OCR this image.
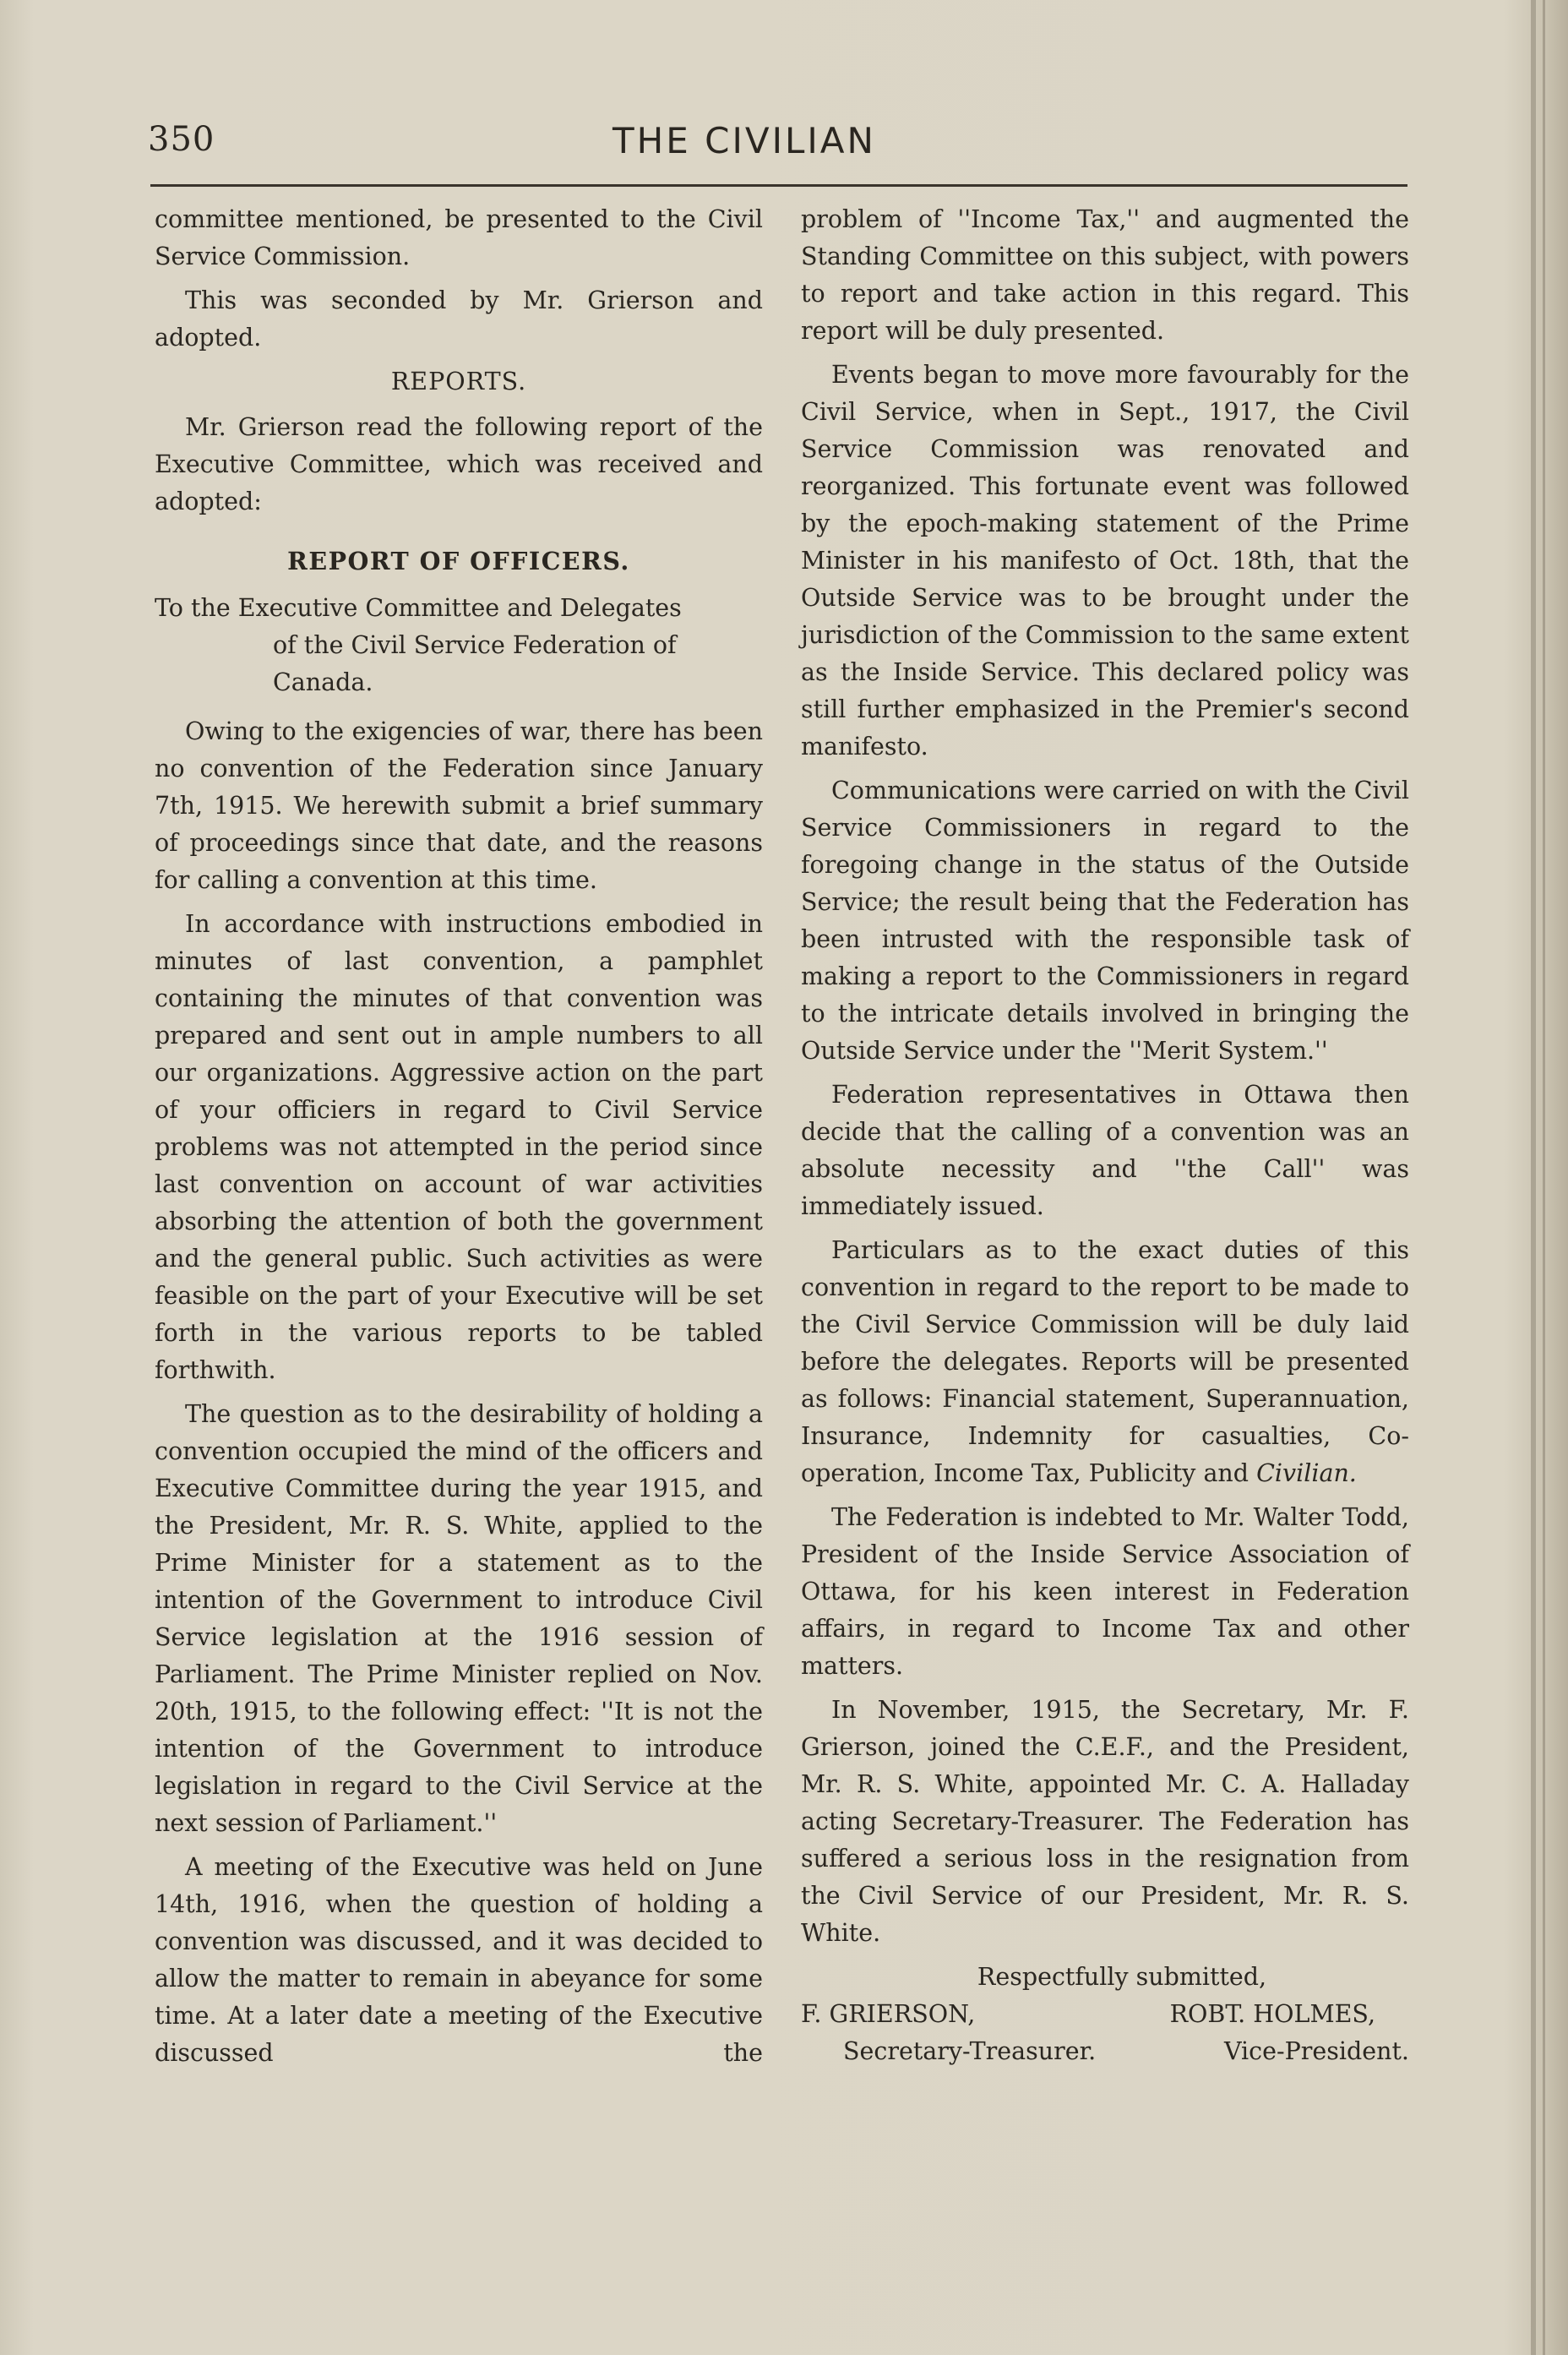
350	THE CIVILIAN

committee mentioned, be presented to the Civil Service Commission.

This was seconded by Mr. Grierson and adopted.

REPORTS.

Mr. Grierson read the following report of the Executive Committee, which was received and adopted:

REPORT OF OFFICERS.
To the Executive Committee and Delegates
of the Civil Service Federation of Canada.

Owing to the exigencies of war, there has been no convention of the Federation since January 7th, 1915. We herewith submit a brief summary of proceedings since that date, and the reasons for calling a convention at this time.

In accordance with instructions embodied in minutes of last convention, a pamphlet containing the minutes of that convention was prepared and sent out in ample numbers to all our organizations. Aggressive action on the part of your officiers in regard to Civil Service problems was not attempted in the period since last convention on account of war activities absorbing the attention of both the government and the general public. Such activities as were feasible on the part of your Executive will be set forth in the various reports to be tabled forthwith.

The question as to the desirability of holding a convention occupied the mind of the officers and Executive Committee during the year 1915, and the President, Mr. R. S. White, applied to the Prime Minister for a statement as to the intention of the Government to introduce Civil Service legislation at the 1916 session of Parliament. The Prime Minister replied on Nov. 20th, 1915, to the following effect: ''It is not the intention of the Government to introduce legislation in regard to the Civil Service at the next session of Parliament.''

A meeting of the Executive was held on June 14th, 1916, when the question of holding a convention was discussed, and it was decided to allow the matter to remain in abeyance for some time. At a later date a meeting of the Executive discussed the

problem of ''Income Tax,'' and augmented the Standing Committee on this subject, with powers to report and take action in this regard. This report will be duly presented.

Events began to move more favourably for the Civil Service, when in Sept., 1917, the Civil Service Commission was renovated and reorganized. This fortunate event was followed by the epoch-making statement of the Prime Minister in his manifesto of Oct. 18th, that the Outside Service was to be brought under the jurisdiction of the Commission to the same extent as the Inside Service. This declared policy was still further emphasized in the Premier's second manifesto.

Communications were carried on with the Civil Service Commissioners in regard to the foregoing change in the status of the Outside Service; the result being that the Federation has been intrusted with the responsible task of making a report to the Commissioners in regard to the intricate details involved in bringing the Outside Service under the ''Merit System.''

Federation representatives in Ottawa then decide that the calling of a convention was an absolute necessity and ''the Call'' was immediately issued.

Particulars as to the exact duties of this convention in regard to the report to be made to the Civil Service Commission will be duly laid before the delegates. Reports will be presented as follows: Financial statement, Superannuation, Insurance, Indemnity for casualties, Co-operation, Income Tax, Publicity and Civilian.

The Federation is indebted to Mr. Walter Todd, President of the Inside Service Association of Ottawa, for his keen interest in Federation affairs, in regard to Income Tax and other matters.

In November, 1915, the Secretary, Mr. F. Grierson, joined the C.E.F., and the President, Mr. R. S. White, appointed Mr. C. A. Halladay acting Secretary-Treasurer. The Federation has suffered a serious loss in the resignation from the Civil Service of our President, Mr. R. S. White.

Respectfully submitted,
F. GRIERSON,	ROBT. HOLMES,
Secretary-Treasurer.	Vice-President.
